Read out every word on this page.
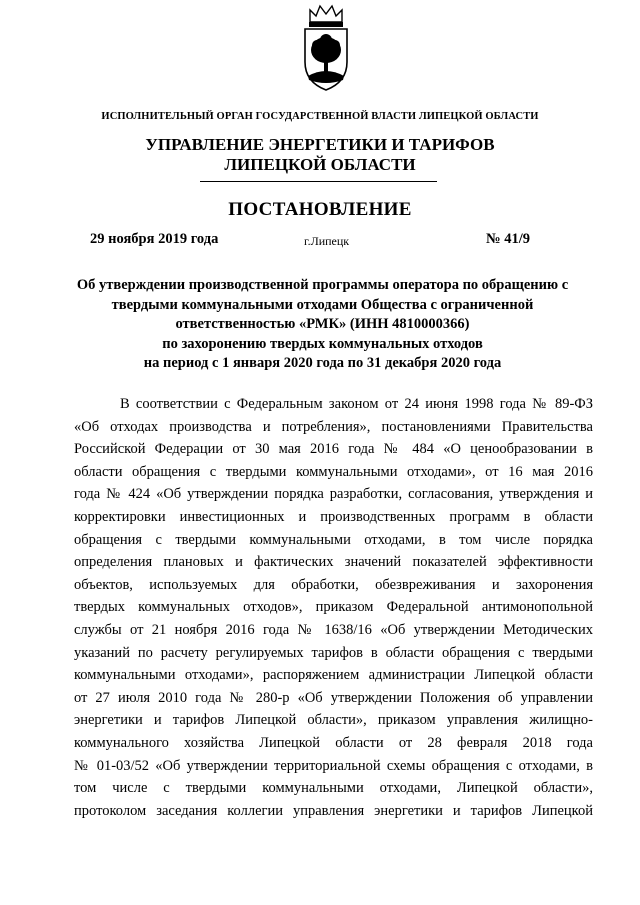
ИСПОЛНИТЕЛЬНЫЙ ОРГАН ГОСУДАРСТВЕННОЙ ВЛАСТИ ЛИПЕЦКОЙ ОБЛАСТИ
УПРАВЛЕНИЕ ЭНЕРГЕТИКИ И ТАРИФОВ
ЛИПЕЦКОЙ ОБЛАСТИ
ПОСТАНОВЛЕНИЕ
29 ноября 2019 года	г.Липецк	№ 41/9
Об утверждении производственной программы оператора по обращению с
твердыми коммунальными отходами Общества с ограниченной
ответственностью «РМК» (ИНН 4810000366)
по захоронению твердых коммунальных отходов
на период с 1 января 2020 года по 31 декабря 2020 года
В соответствии с Федеральным законом от 24 июня 1998 года № 89-ФЗ
«Об отходах производства и потребления», постановлениями Правительства
Российской Федерации от 30 мая 2016 года № 484 «О ценообразовании в
области обращения с твердыми коммунальными отходами», от 16 мая 2016
года № 424 «Об утверждении порядка разработки, согласования, утверждения и
корректировки инвестиционных и производственных программ в области
обращения с твердыми коммунальными отходами, в том числе порядка
определения плановых и фактических значений показателей эффективности
объектов, используемых для обработки, обезвреживания и захоронения
твердых коммунальных отходов», приказом Федеральной антимонопольной
службы от 21 ноября 2016 года № 1638/16 «Об утверждении Методических
указаний по расчету регулируемых тарифов в области обращения с твердыми
коммунальными отходами», распоряжением администрации Липецкой области
от 27 июля 2010 года № 280-р «Об утверждении Положения об управлении
энергетики и тарифов Липецкой области», приказом управления жилищно-
коммунального хозяйства Липецкой области от 28 февраля 2018 года
№ 01-03/52 «Об утверждении территориальной схемы обращения с отходами, в
том числе с твердыми коммунальными отходами, Липецкой области»,
протоколом заседания коллегии управления энергетики и тарифов Липецкой
